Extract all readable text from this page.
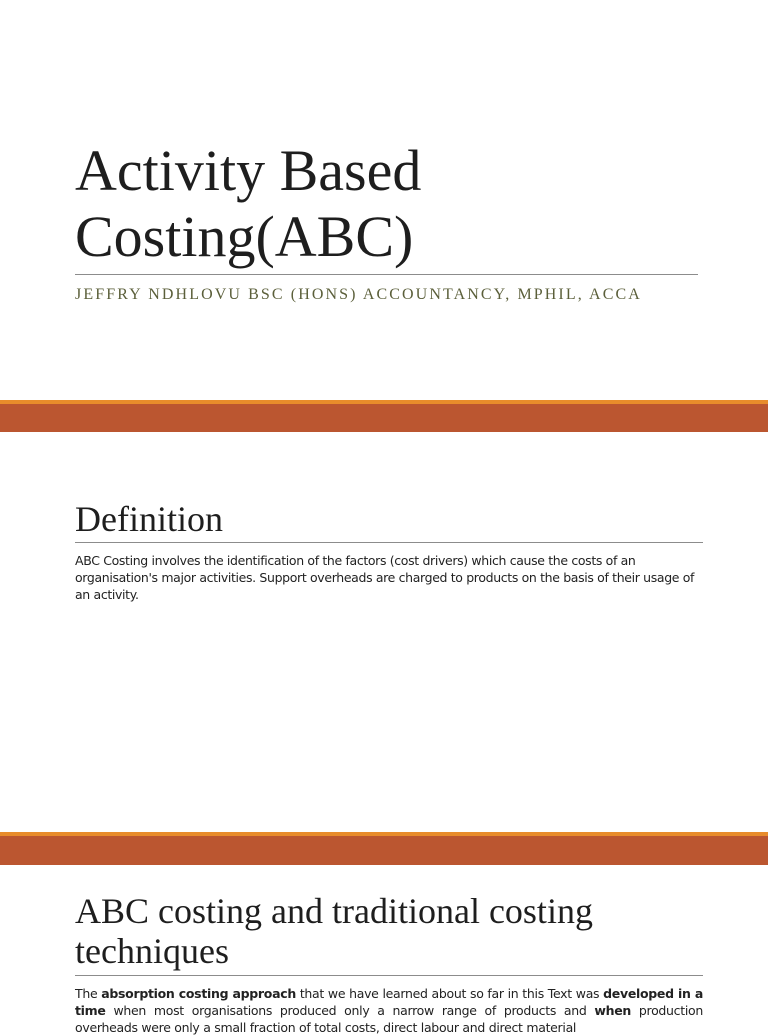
Activity Based
Costing(ABC)

JEFFRY NDHLOVU BSC (HONS) ACCOUNTANCY, MPHIL, ACCA

Definition

ABC Costing involves the identification of the factors (cost drivers) which cause the costs of an organisation's major activities. Support overheads are charged to products on the basis of their usage of an activity.

ABC costing and traditional costing techniques

The absorption costing approach that we have learned about so far in this Text was developed in a time when most organisations produced only a narrow range of products and when production overheads were only a small fraction of total costs, direct labour and direct material
